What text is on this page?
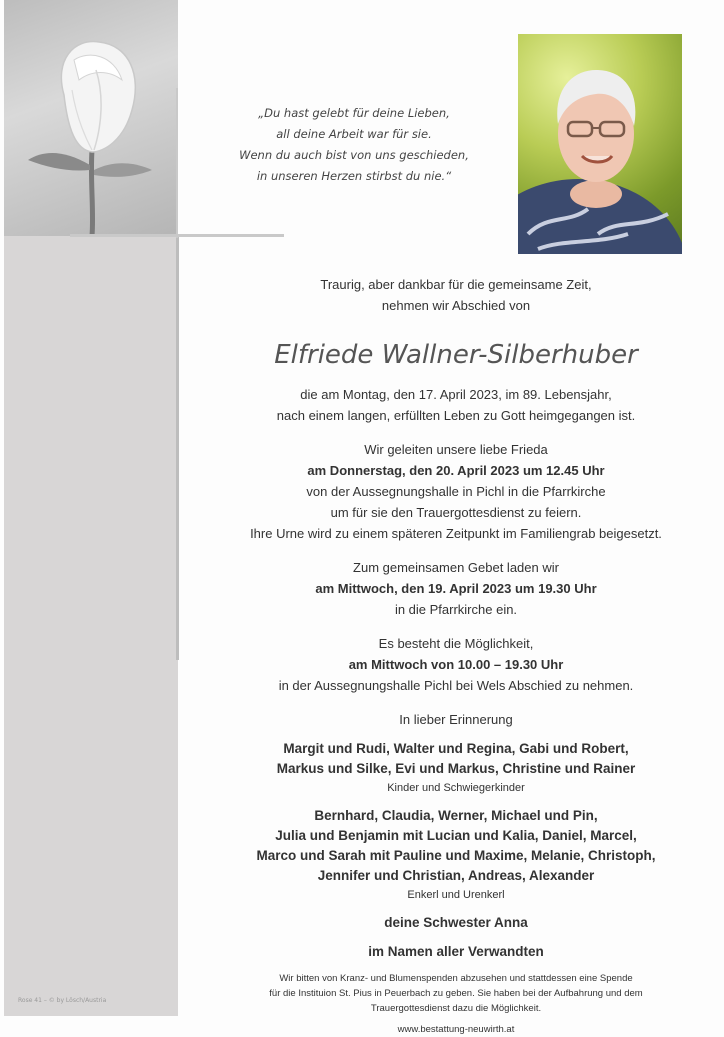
„Du hast gelebt für deine Lieben,
all deine Arbeit war für sie.
Wenn du auch bist von uns geschieden,
in unseren Herzen stirbst du nie.“

Traurig, aber dankbar für die gemeinsame Zeit,

nehmen wir Abschied von

Elfriede Wallner-Silberhuber

die am Montag, den 17. April 2023, im 89. Lebensjahr,

nach einem langen, erfüllten Leben zu Gott heimgegangen ist.

Wir geleiten unsere liebe Frieda

am Donnerstag, den 20. April 2023 um 12.45 Uhr

von der Aussegnungshalle in Pichl in die Pfarrkirche

um für sie den Trauergottesdienst zu feiern.

Ihre Urne wird zu einem späteren Zeitpunkt im Familiengrab beigesetzt.

Zum gemeinsamen Gebet laden wir

am Mittwoch, den 19. April 2023 um 19.30 Uhr

in die Pfarrkirche ein.

Es besteht die Möglichkeit,

am Mittwoch von 10.00 – 19.30 Uhr

in der Aussegnungshalle Pichl bei Wels Abschied zu nehmen.

In lieber Erinnerung

Margit und Rudi, Walter und Regina, Gabi und Robert,

Markus und Silke, Evi und Markus, Christine und Rainer

Kinder und Schwiegerkinder

Bernhard, Claudia, Werner, Michael und Pin,

Julia und Benjamin mit Lucian und Kalia, Daniel, Marcel,

Marco und Sarah mit Pauline und Maxime, Melanie, Christoph,

Jennifer und Christian, Andreas, Alexander

Enkerl und Urenkerl

deine Schwester Anna

im Namen aller Verwandten

Wir bitten von Kranz- und Blumenspenden abzusehen und stattdessen eine Spende

für die Instituion St. Pius in Peuerbach zu geben. Sie haben bei der Aufbahrung und dem

Trauergottesdienst dazu die Möglichkeit.

www.bestattung-neuwirth.at
Rose 41 – © by Lösch/Austria
